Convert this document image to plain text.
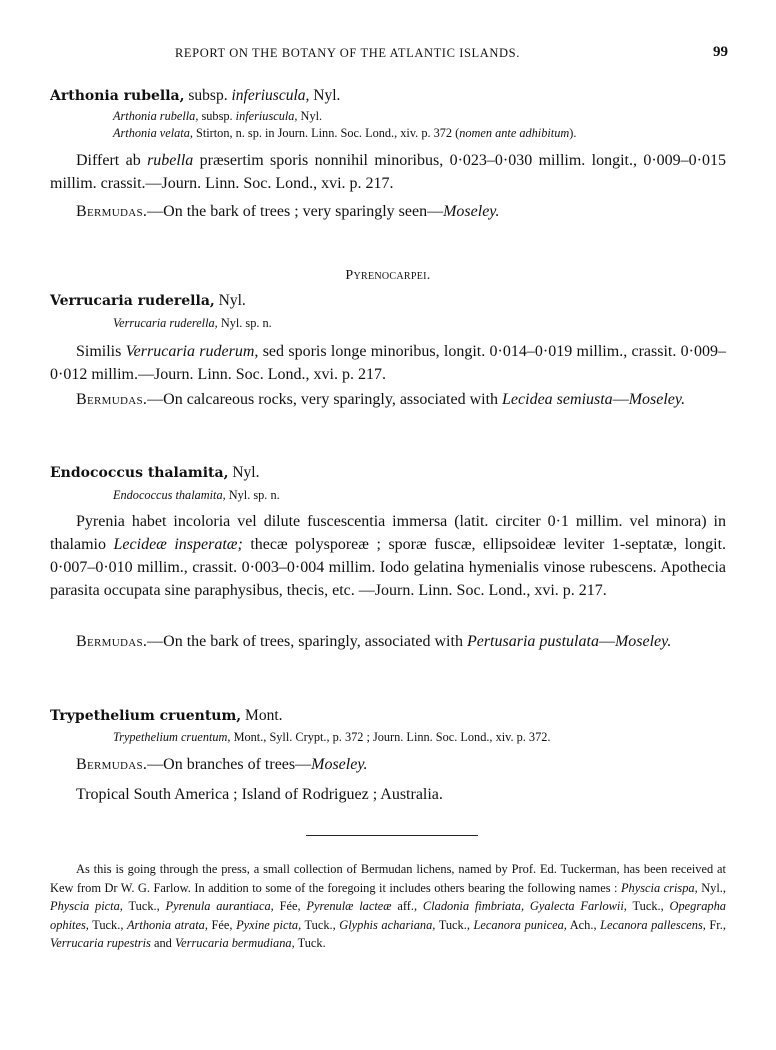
REPORT ON THE BOTANY OF THE ATLANTIC ISLANDS.	99
Arthonia rubella, subsp. inferiuscula, Nyl.
Arthonia rubella, subsp. inferiuscula, Nyl.
Arthonia velata, Stirton, n. sp. in Journ. Linn. Soc. Lond., xiv. p. 372 (nomen ante adhibitum).
Differt ab rubella præsertim sporis nonnihil minoribus, 0·023–0·030 millim. longit., 0·009–0·015 millim. crassit.—Journ. Linn. Soc. Lond., xvi. p. 217.
Bermudas.—On the bark of trees ; very sparingly seen—Moseley.
Pyrenocarpei.
Verrucaria ruderella, Nyl.
Verrucaria ruderella, Nyl. sp. n.
Similis Verrucaria ruderum, sed sporis longe minoribus, longit. 0·014–0·019 millim., crassit. 0·009–0·012 millim.—Journ. Linn. Soc. Lond., xvi. p. 217.
Bermudas.—On calcareous rocks, very sparingly, associated with Lecidea semiusta—Moseley.
Endococcus thalamita, Nyl.
Endococcus thalamita, Nyl. sp. n.
Pyrenia habet incoloria vel dilute fuscescentia immersa (latit. circiter 0·1 millim. vel minora) in thalamio Lecideæ insperatæ; thecæ polysporeæ ; sporæ fuscæ, ellipsoideæ leviter 1-septatæ, longit. 0·007–0·010 millim., crassit. 0·003–0·004 millim. Iodo gelatina hymenialis vinose rubescens. Apothecia parasita occupata sine paraphysibus, thecis, etc. —Journ. Linn. Soc. Lond., xvi. p. 217.
Bermudas.—On the bark of trees, sparingly, associated with Pertusaria pustulata—Moseley.
Trypethelium cruentum, Mont.
Trypethelium cruentum, Mont., Syll. Crypt., p. 372 ; Journ. Linn. Soc. Lond., xiv. p. 372.
Bermudas.—On branches of trees—Moseley.
Tropical South America ; Island of Rodriguez ; Australia.
As this is going through the press, a small collection of Bermudan lichens, named by Prof. Ed. Tuckerman, has been received at Kew from Dr W. G. Farlow. In addition to some of the foregoing it includes others bearing the following names : Physcia crispa, Nyl., Physcia picta, Tuck., Pyrenula aurantiaca, Fée, Pyrenulæ lacteæ aff., Cladonia fimbriata, Gyalecta Farlowii, Tuck., Opegrapha ophites, Tuck., Arthonia atrata, Fée, Pyxine picta, Tuck., Glyphis achariana, Tuck., Lecanora punicea, Ach., Lecanora pallescens, Fr., Verrucaria rupestris and Verrucaria bermudiana, Tuck.
